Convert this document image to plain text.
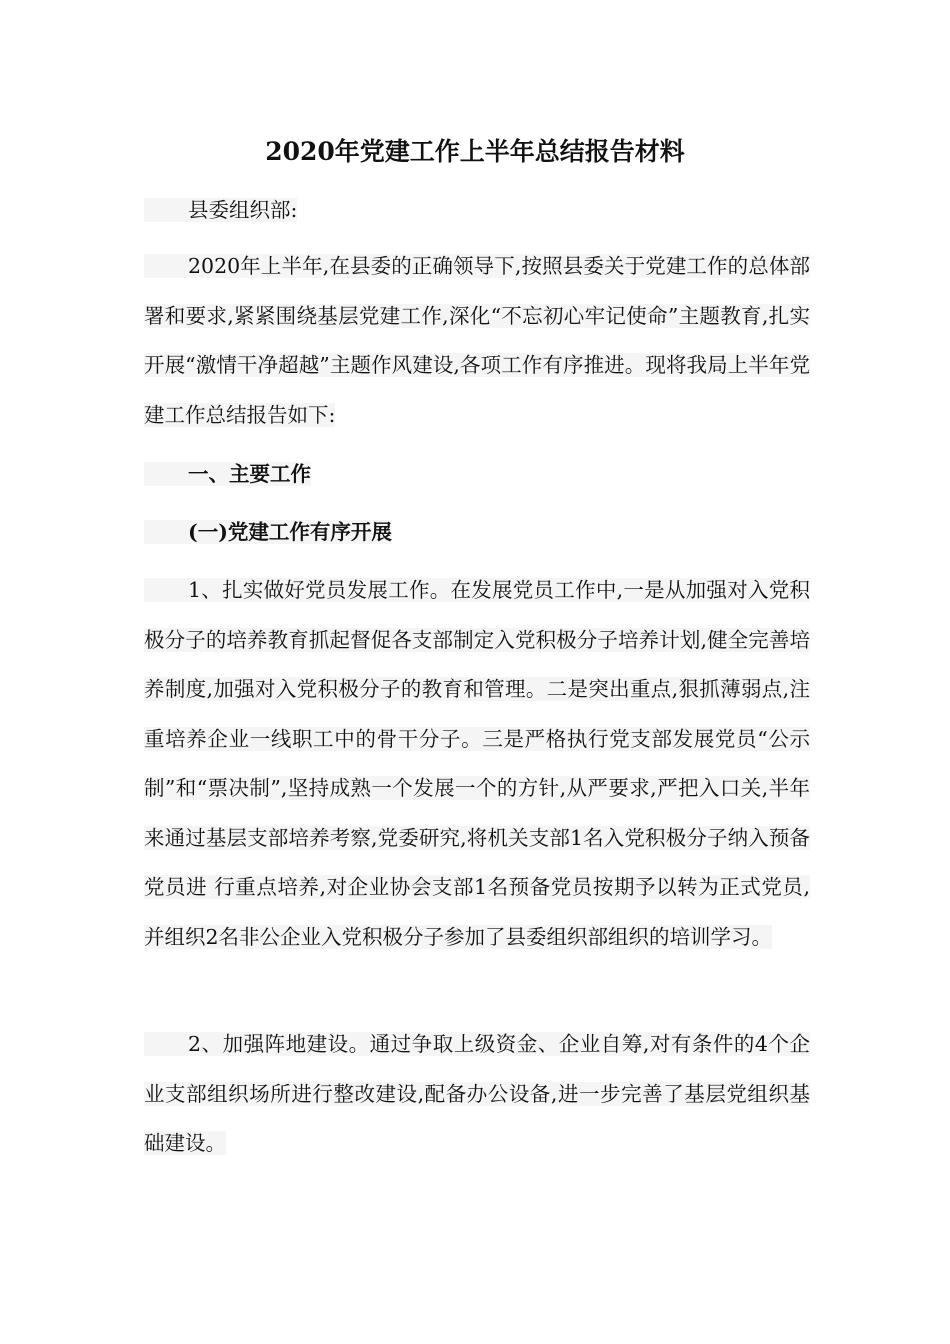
2020年党建工作上半年总结报告材料

县委组织部:

2020年上半年,在县委的正确领导下,按照县委关于党建工作的总体部署和要求,紧紧围绕基层党建工作,深化“不忘初心牢记使命”主题教育,扎实开展“激情干净超越”主题作风建设,各项工作有序推进。现将我局上半年党建工作总结报告如下:

一、主要工作

(一)党建工作有序开展

1、扎实做好党员发展工作。在发展党员工作中,一是从加强对入党积极分子的培养教育抓起督促各支部制定入党积极分子培养计划,健全完善培养制度,加强对入党积极分子的教育和管理。二是突出重点,狠抓薄弱点,注重培养企业一线职工中的骨干分子。三是严格执行党支部发展党员“公示制”和“票决制”,坚持成熟一个发展一个的方针,从严要求,严把入口关,半年来通过基层支部培养考察,党委研究,将机关支部1名入党积极分子纳入预备党员进 行重点培养,对企业协会支部1名预备党员按期予以转为正式党员,并组织2名非公企业入党积极分子参加了县委组织部组织的培训学习。

2、加强阵地建设。通过争取上级资金、企业自筹,对有条件的4个企业支部组织场所进行整改建设,配备办公设备,进一步完善了基层党组织基础建设。
